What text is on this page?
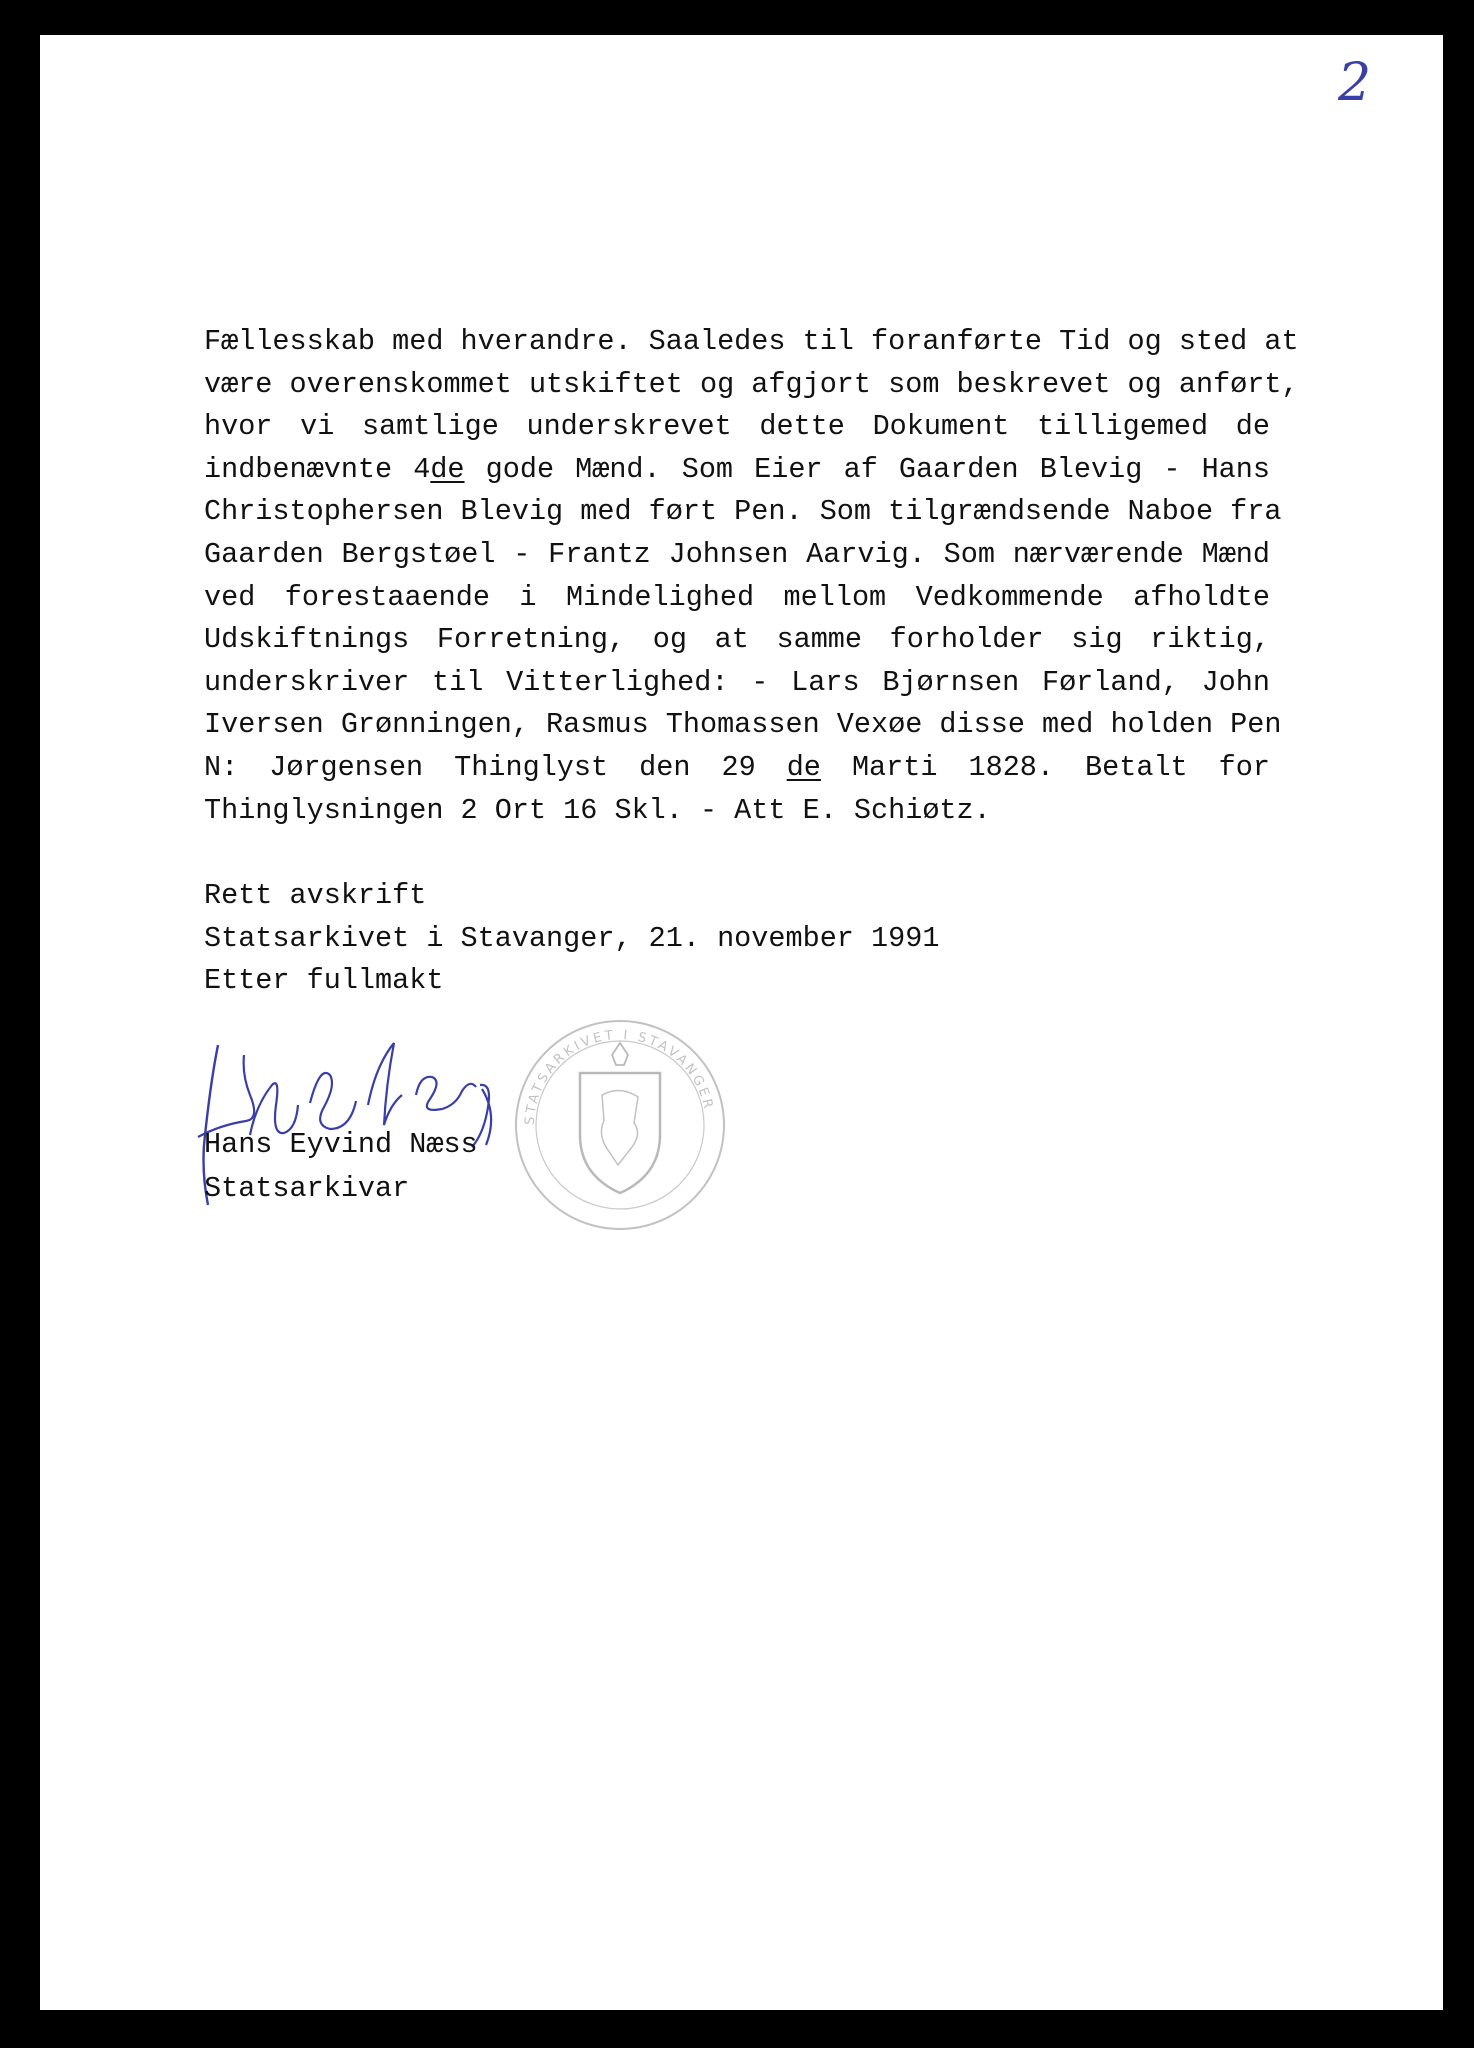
2
Fællesskab med hverandre. Saaledes til foranførte Tid og sted at
være overenskommet utskiftet og afgjort som beskrevet og anført,
hvor vi samtlige underskrevet dette Dokument tilligemed de
indbenævnte 4de gode Mænd. Som Eier af Gaarden Blevig - Hans
Christophersen Blevig med ført Pen. Som tilgrændsende Naboe fra
Gaarden Bergstøel - Frantz Johnsen Aarvig. Som nærværende Mænd
ved forestaaende i Mindelighed mellom Vedkommende afholdte
Udskiftnings Forretning, og at samme forholder sig riktig,
underskriver til Vitterlighed: - Lars Bjørnsen Førland, John
Iversen Grønningen, Rasmus Thomassen Vexøe disse med holden Pen
N: Jørgensen Thinglyst den 29 de Marti 1828. Betalt for
Thinglysningen 2 Ort 16 Skl. - Att E. Schiøtz.
Rett avskrift
Statsarkivet i Stavanger, 21. november 1991
Etter fullmakt
STATSARKIVET I STAVANGER
Hans Eyvind Næss
Statsarkivar
